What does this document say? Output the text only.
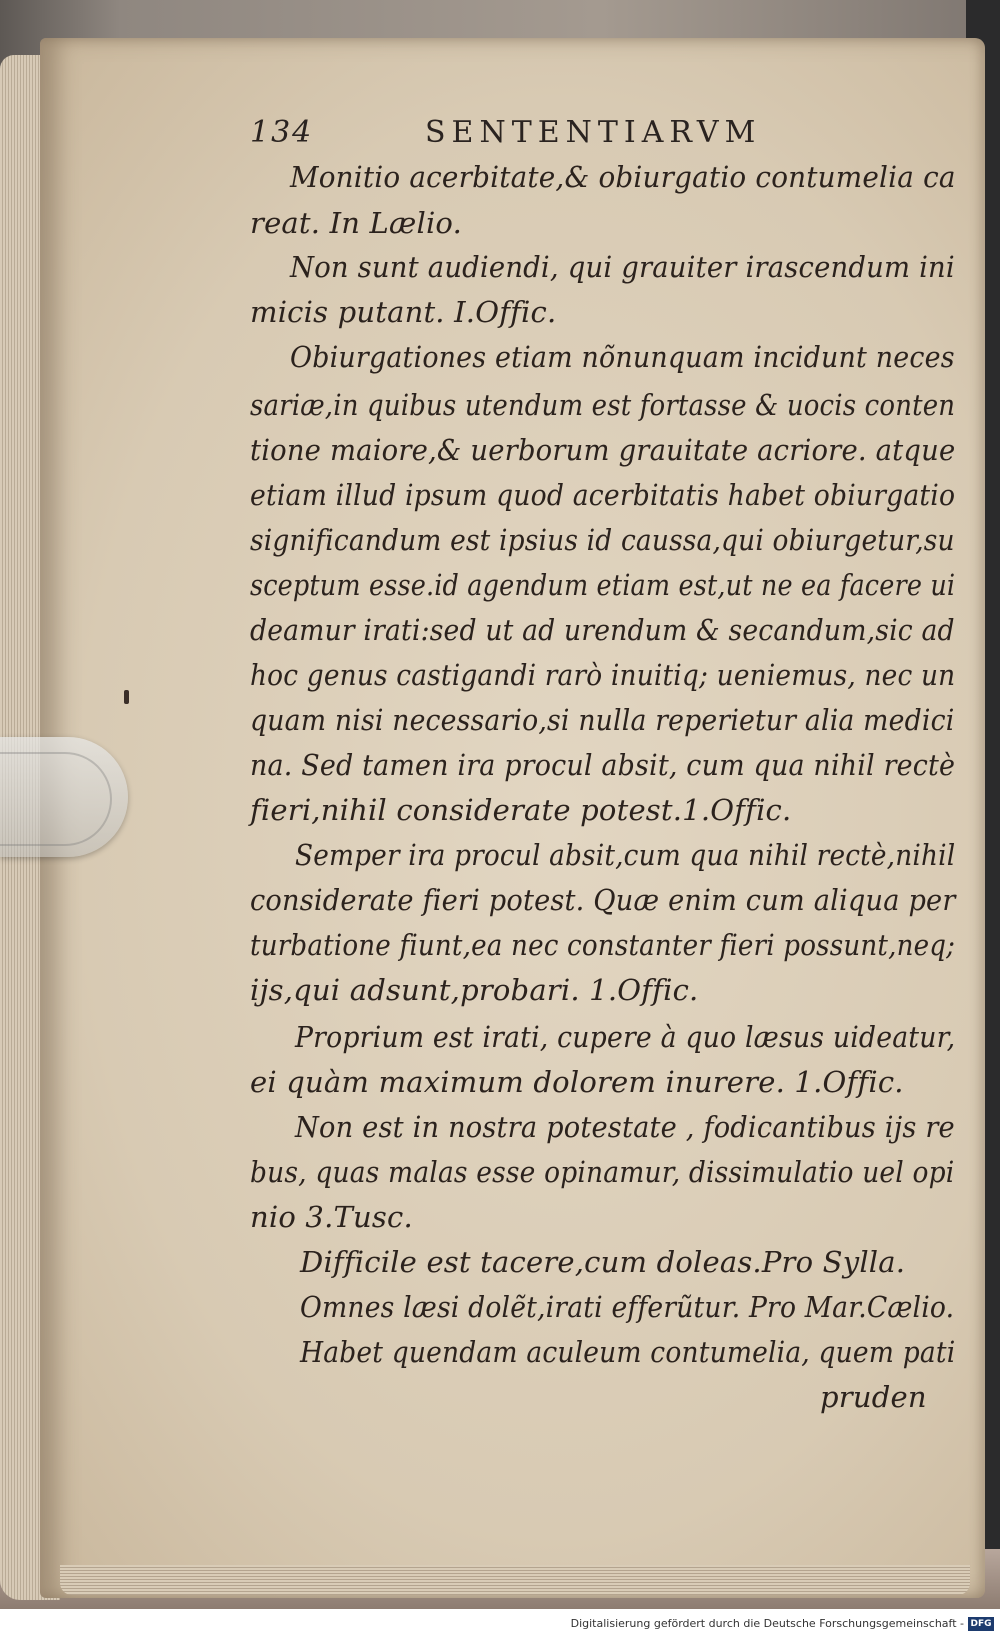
134	SENTENTIARVM
Monitio acerbitate,& obiurgatio contumelia ca
reat. In Lælio.
Non sunt audiendi, qui grauiter irascendum ini
micis putant. I.Offic.
Obiurgationes etiam nõnunquam incidunt neces
sariæ,in quibus utendum est fortasse & uocis conten
tione maiore,& uerborum grauitate acriore. atque
etiam illud ipsum quod acerbitatis habet obiurgatio
significandum est ipsius id caussa,qui obiurgetur,su
sceptum esse.id agendum etiam est,ut ne ea facere ui
deamur irati:sed ut ad urendum & secandum,sic ad
hoc genus castigandi rarò inuitiq; ueniemus, nec un
quam nisi necessario,si nulla reperietur alia medici
na. Sed tamen ira procul absit, cum qua nihil rectè
fieri,nihil considerate potest.1.Offic.
Semper ira procul absit,cum qua nihil rectè,nihil
considerate fieri potest. Quæ enim cum aliqua per
turbatione fiunt,ea nec constanter fieri possunt,neq;
ijs,qui adsunt,probari. 1.Offic.
Proprium est irati, cupere à quo læsus uideatur,
ei quàm maximum dolorem inurere. 1.Offic.
Non est in nostra potestate , fodicantibus ijs re
bus, quas malas esse opinamur, dissimulatio uel opi
nio 3.Tusc.
Difficile est tacere,cum doleas.Pro Sylla.
Omnes læsi dolẽt,irati efferũtur. Pro Mar.Cælio.
Habet quendam aculeum contumelia, quem pati
pruden
Digitalisierung gefördert durch die Deutsche Forschungsgemeinschaft - DFG
